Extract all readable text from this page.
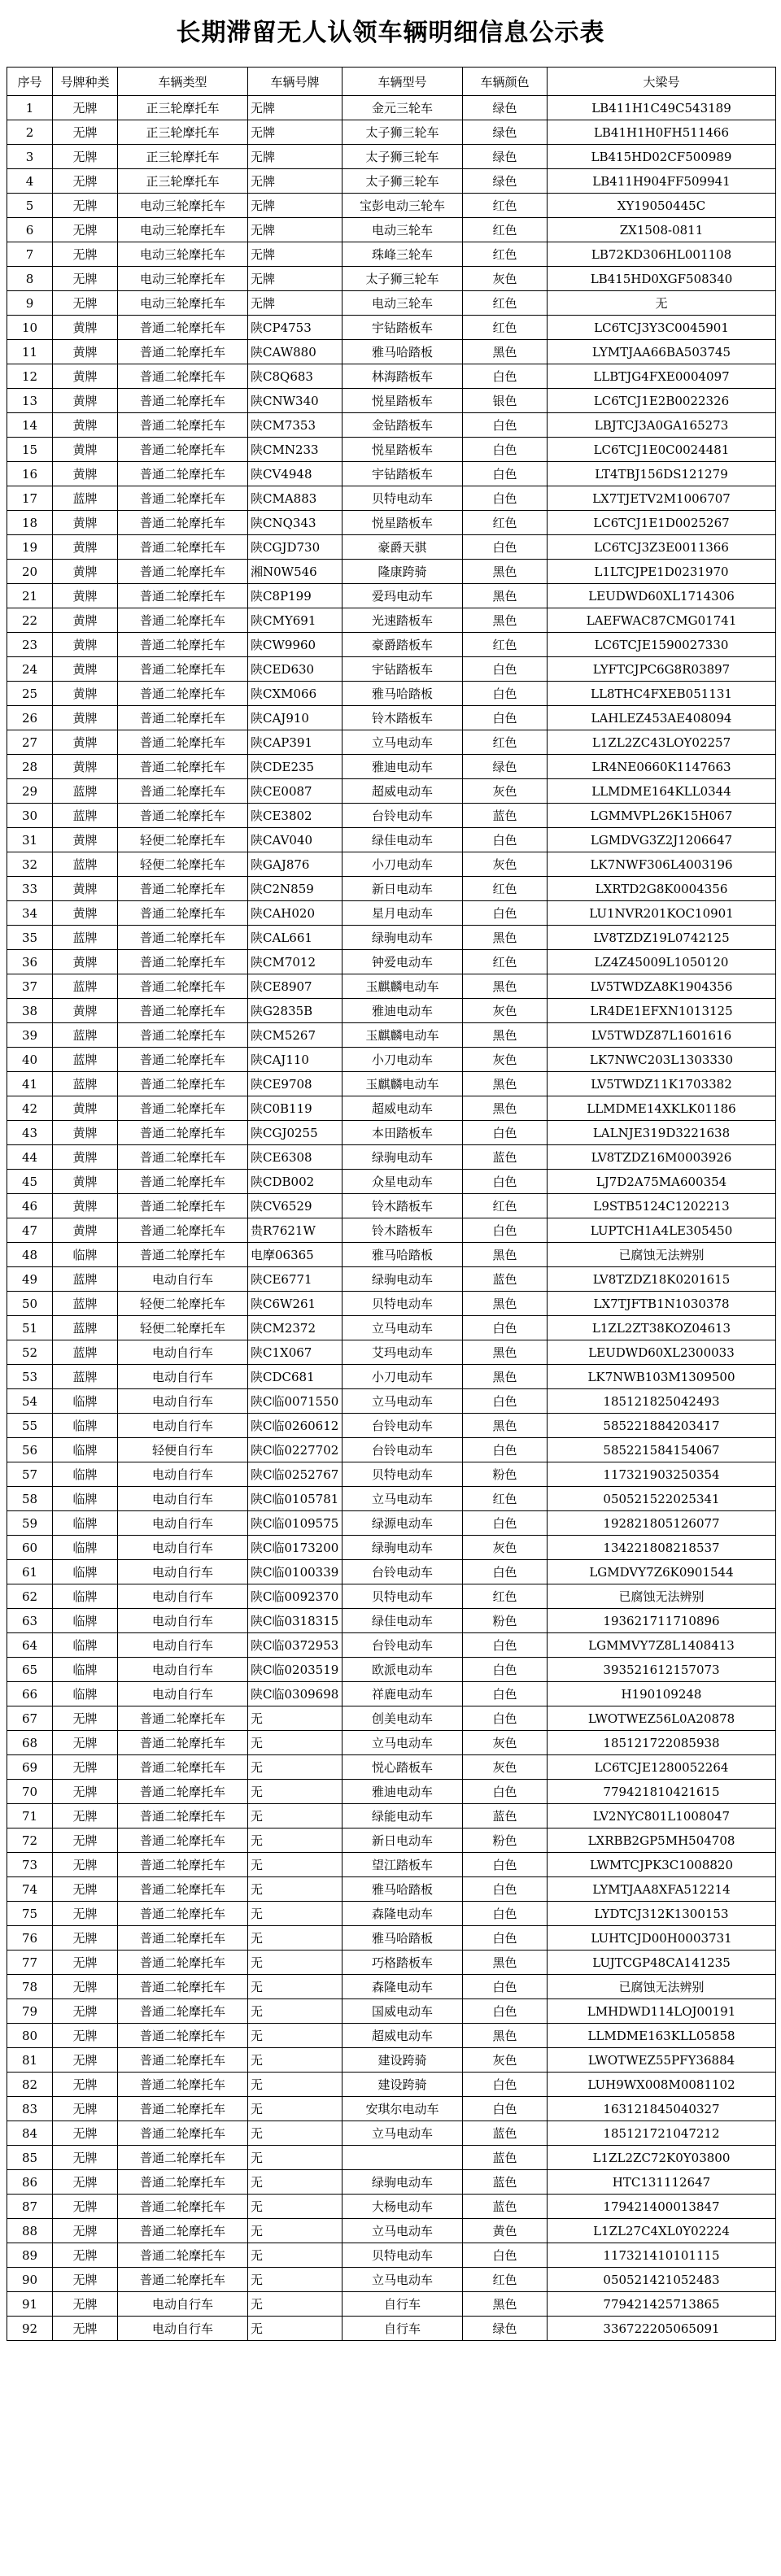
长期滞留无人认领车辆明细信息公示表
序号	号牌种类	车辆类型	车辆号牌	车辆型号	车辆颜色	大梁号
1	无牌	正三轮摩托车	无牌	金元三轮车	绿色	LB411H1C49C543189
2	无牌	正三轮摩托车	无牌	太子狮三轮车	绿色	LB41H1H0FH511466
3	无牌	正三轮摩托车	无牌	太子狮三轮车	绿色	LB415HD02CF500989
4	无牌	正三轮摩托车	无牌	太子狮三轮车	绿色	LB411H904FF509941
5	无牌	电动三轮摩托车	无牌	宝彭电动三轮车	红色	XY19050445C
6	无牌	电动三轮摩托车	无牌	电动三轮车	红色	ZX1508-0811
7	无牌	电动三轮摩托车	无牌	珠峰三轮车	红色	LB72KD306HL001108
8	无牌	电动三轮摩托车	无牌	太子狮三轮车	灰色	LB415HD0XGF508340
9	无牌	电动三轮摩托车	无牌	电动三轮车	红色	无
10	黄牌	普通二轮摩托车	陕CP4753	宇钻踏板车	红色	LC6TCJ3Y3C0045901
11	黄牌	普通二轮摩托车	陕CAW880	雅马哈踏板	黑色	LYMTJAA66BA503745
12	黄牌	普通二轮摩托车	陕C8Q683	林海踏板车	白色	LLBTJG4FXE0004097
13	黄牌	普通二轮摩托车	陕CNW340	悦星踏板车	银色	LC6TCJ1E2B0022326
14	黄牌	普通二轮摩托车	陕CM7353	金钻踏板车	白色	LBJTCJ3A0GA165273
15	黄牌	普通二轮摩托车	陕CMN233	悦星踏板车	白色	LC6TCJ1E0C0024481
16	黄牌	普通二轮摩托车	陕CV4948	宇钻踏板车	白色	LT4TBJ156DS121279
17	蓝牌	普通二轮摩托车	陕CMA883	贝特电动车	白色	LX7TJETV2M1006707
18	黄牌	普通二轮摩托车	陕CNQ343	悦星踏板车	红色	LC6TCJ1E1D0025267
19	黄牌	普通二轮摩托车	陕CGJD730	豪爵天骐	白色	LC6TCJ3Z3E0011366
20	黄牌	普通二轮摩托车	湘N0W546	隆康跨骑	黑色	L1LTCJPE1D0231970
21	黄牌	普通二轮摩托车	陕C8P199	爱玛电动车	黑色	LEUDWD60XL1714306
22	黄牌	普通二轮摩托车	陕CMY691	光速踏板车	黑色	LAEFWAC87CMG01741
23	黄牌	普通二轮摩托车	陕CW9960	豪爵踏板车	红色	LC6TCJE1590027330
24	黄牌	普通二轮摩托车	陕CED630	宇钻踏板车	白色	LYFTCJPC6G8R03897
25	黄牌	普通二轮摩托车	陕CXM066	雅马哈踏板	白色	LL8THC4FXEB051131
26	黄牌	普通二轮摩托车	陕CAJ910	铃木踏板车	白色	LAHLEZ453AE408094
27	黄牌	普通二轮摩托车	陕CAP391	立马电动车	红色	L1ZL2ZC43LOY02257
28	黄牌	普通二轮摩托车	陕CDE235	雅迪电动车	绿色	LR4NE0660K1147663
29	蓝牌	普通二轮摩托车	陕CE0087	超威电动车	灰色	LLMDME164KLL0344
30	蓝牌	普通二轮摩托车	陕CE3802	台铃电动车	蓝色	LGMMVPL26K15H067
31	黄牌	轻便二轮摩托车	陕CAV040	绿佳电动车	白色	LGMDVG3Z2J1206647
32	蓝牌	轻便二轮摩托车	陕GAJ876	小刀电动车	灰色	LK7NWF306L4003196
33	黄牌	普通二轮摩托车	陕C2N859	新日电动车	红色	LXRTD2G8K0004356
34	黄牌	普通二轮摩托车	陕CAH020	星月电动车	白色	LU1NVR201KOC10901
35	蓝牌	普通二轮摩托车	陕CAL661	绿驹电动车	黑色	LV8TZDZ19L0742125
36	黄牌	普通二轮摩托车	陕CM7012	钟爱电动车	红色	LZ4Z45009L1050120
37	蓝牌	普通二轮摩托车	陕CE8907	玉麒麟电动车	黑色	LV5TWDZA8K1904356
38	黄牌	普通二轮摩托车	陕G2835B	雅迪电动车	灰色	LR4DE1EFXN1013125
39	蓝牌	普通二轮摩托车	陕CM5267	玉麒麟电动车	黑色	LV5TWDZ87L1601616
40	蓝牌	普通二轮摩托车	陕CAJ110	小刀电动车	灰色	LK7NWC203L1303330
41	蓝牌	普通二轮摩托车	陕CE9708	玉麒麟电动车	黑色	LV5TWDZ11K1703382
42	黄牌	普通二轮摩托车	陕C0B119	超威电动车	黑色	LLMDME14XKLK01186
43	黄牌	普通二轮摩托车	陕CGJ0255	本田踏板车	白色	LALNJE319D3221638
44	黄牌	普通二轮摩托车	陕CE6308	绿驹电动车	蓝色	LV8TZDZ16M0003926
45	黄牌	普通二轮摩托车	陕CDB002	众星电动车	白色	LJ7D2A75MA600354
46	黄牌	普通二轮摩托车	陕CV6529	铃木踏板车	红色	L9STB5124C1202213
47	黄牌	普通二轮摩托车	贵R7621W	铃木踏板车	白色	LUPTCH1A4LE305450
48	临牌	普通二轮摩托车	电摩06365	雅马哈踏板	黑色	已腐蚀无法辨别
49	蓝牌	电动自行车	陕CE6771	绿驹电动车	蓝色	LV8TZDZ18K0201615
50	蓝牌	轻便二轮摩托车	陕C6W261	贝特电动车	黑色	LX7TJFTB1N1030378
51	蓝牌	轻便二轮摩托车	陕CM2372	立马电动车	白色	L1ZL2ZT38KOZ04613
52	蓝牌	电动自行车	陕C1X067	艾玛电动车	黑色	LEUDWD60XL2300033
53	蓝牌	电动自行车	陕CDC681	小刀电动车	黑色	LK7NWB103M1309500
54	临牌	电动自行车	陕C临0071550	立马电动车	白色	185121825042493
55	临牌	电动自行车	陕C临0260612	台铃电动车	黑色	585221884203417
56	临牌	轻便自行车	陕C临0227702	台铃电动车	白色	585221584154067
57	临牌	电动自行车	陕C临0252767	贝特电动车	粉色	117321903250354
58	临牌	电动自行车	陕C临0105781	立马电动车	红色	050521522025341
59	临牌	电动自行车	陕C临0109575	绿源电动车	白色	192821805126077
60	临牌	电动自行车	陕C临0173200	绿驹电动车	灰色	134221808218537
61	临牌	电动自行车	陕C临0100339	台铃电动车	白色	LGMDVY7Z6K0901544
62	临牌	电动自行车	陕C临0092370	贝特电动车	红色	已腐蚀无法辨别
63	临牌	电动自行车	陕C临0318315	绿佳电动车	粉色	193621711710896
64	临牌	电动自行车	陕C临0372953	台铃电动车	白色	LGMMVY7Z8L1408413
65	临牌	电动自行车	陕C临0203519	欧派电动车	白色	393521612157073
66	临牌	电动自行车	陕C临0309698	祥鹿电动车	白色	H190109248
67	无牌	普通二轮摩托车	无	创美电动车	白色	LWOTWEZ56L0A20878
68	无牌	普通二轮摩托车	无	立马电动车	灰色	185121722085938
69	无牌	普通二轮摩托车	无	悦心踏板车	灰色	LC6TCJE1280052264
70	无牌	普通二轮摩托车	无	雅迪电动车	白色	779421810421615
71	无牌	普通二轮摩托车	无	绿能电动车	蓝色	LV2NYC801L1008047
72	无牌	普通二轮摩托车	无	新日电动车	粉色	LXRBB2GP5MH504708
73	无牌	普通二轮摩托车	无	望江踏板车	白色	LWMTCJPK3C1008820
74	无牌	普通二轮摩托车	无	雅马哈踏板	白色	LYMTJAA8XFA512214
75	无牌	普通二轮摩托车	无	森隆电动车	白色	LYDTCJ312K1300153
76	无牌	普通二轮摩托车	无	雅马哈踏板	白色	LUHTCJD00H0003731
77	无牌	普通二轮摩托车	无	巧格踏板车	黑色	LUJTCGP48CA141235
78	无牌	普通二轮摩托车	无	森隆电动车	白色	已腐蚀无法辨别
79	无牌	普通二轮摩托车	无	国威电动车	白色	LMHDWD114LOJ00191
80	无牌	普通二轮摩托车	无	超威电动车	黑色	LLMDME163KLL05858
81	无牌	普通二轮摩托车	无	建设跨骑	灰色	LWOTWEZ55PFY36884
82	无牌	普通二轮摩托车	无	建设跨骑	白色	LUH9WX008M0081102
83	无牌	普通二轮摩托车	无	安琪尔电动车	白色	163121845040327
84	无牌	普通二轮摩托车	无	立马电动车	蓝色	185121721047212
85	无牌	普通二轮摩托车	无		蓝色	L1ZL2ZC72K0Y03800
86	无牌	普通二轮摩托车	无	绿驹电动车	蓝色	HTC131112647
87	无牌	普通二轮摩托车	无	大杨电动车	蓝色	179421400013847
88	无牌	普通二轮摩托车	无	立马电动车	黄色	L1ZL27C4XL0Y02224
89	无牌	普通二轮摩托车	无	贝特电动车	白色	117321410101115
90	无牌	普通二轮摩托车	无	立马电动车	红色	050521421052483
91	无牌	电动自行车	无	自行车	黑色	779421425713865
92	无牌	电动自行车	无	自行车	绿色	336722205065091
